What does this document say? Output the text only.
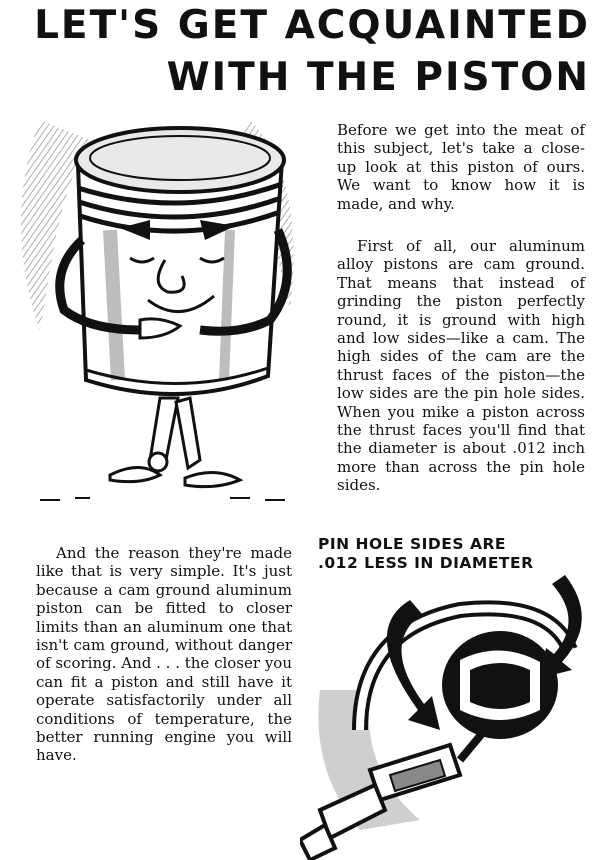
LET'S GET ACQUAINTED
WITH THE PISTON

Before we get into the meat of this subject, let's take a close-up look at this piston of ours. We want to know how it is made, and why.

First of all, our aluminum alloy pistons are cam ground. That means that instead of grinding the piston perfectly round, it is ground with high and low sides—like a cam. The high sides of the cam are the thrust faces of the piston—the low sides are the pin hole sides. When you mike a piston across the thrust faces you'll find that the diameter is about .012 inch more than across the pin hole sides.

And the reason they're made like that is very simple. It's just because a cam ground aluminum piston can be fitted to closer limits than an aluminum one that isn't cam ground, without danger of scoring. And . . . the closer you can fit a piston and still have it operate satisfactorily under all conditions of temperature, the better running engine you will have.

PIN HOLE SIDES ARE
.012 LESS IN DIAMETER
